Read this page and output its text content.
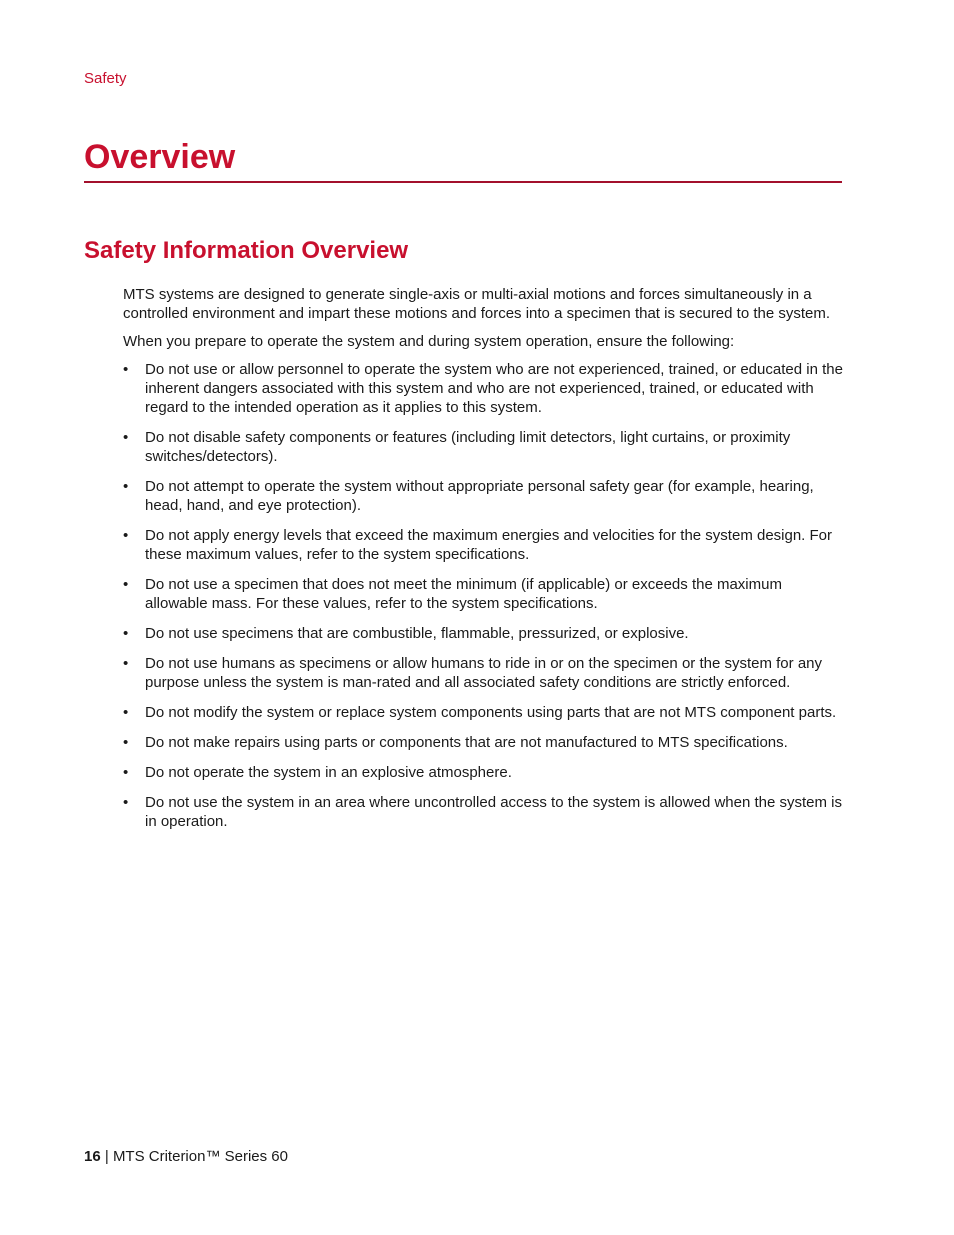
Safety
Overview
Safety Information Overview

MTS systems are designed to generate single-axis or multi-axial motions and forces simultaneously in a controlled environment and impart these motions and forces into a specimen that is secured to the system.

When you prepare to operate the system and during system operation, ensure the following:

• Do not use or allow personnel to operate the system who are not experienced, trained, or educated in the inherent dangers associated with this system and who are not experienced, trained, or educated with regard to the intended operation as it applies to this system.
• Do not disable safety components or features (including limit detectors, light curtains, or proximity switches/detectors).
• Do not attempt to operate the system without appropriate personal safety gear (for example, hearing, head, hand, and eye protection).
• Do not apply energy levels that exceed the maximum energies and velocities for the system design. For these maximum values, refer to the system specifications.
• Do not use a specimen that does not meet the minimum (if applicable) or exceeds the maximum allowable mass. For these values, refer to the system specifications.
• Do not use specimens that are combustible, flammable, pressurized, or explosive.
• Do not use humans as specimens or allow humans to ride in or on the specimen or the system for any purpose unless the system is man-rated and all associated safety conditions are strictly enforced.
• Do not modify the system or replace system components using parts that are not MTS component parts.
• Do not make repairs using parts or components that are not manufactured to MTS specifications.
• Do not operate the system in an explosive atmosphere.
• Do not use the system in an area where uncontrolled access to the system is allowed when the system is in operation.
16 | MTS Criterion™ Series 60
